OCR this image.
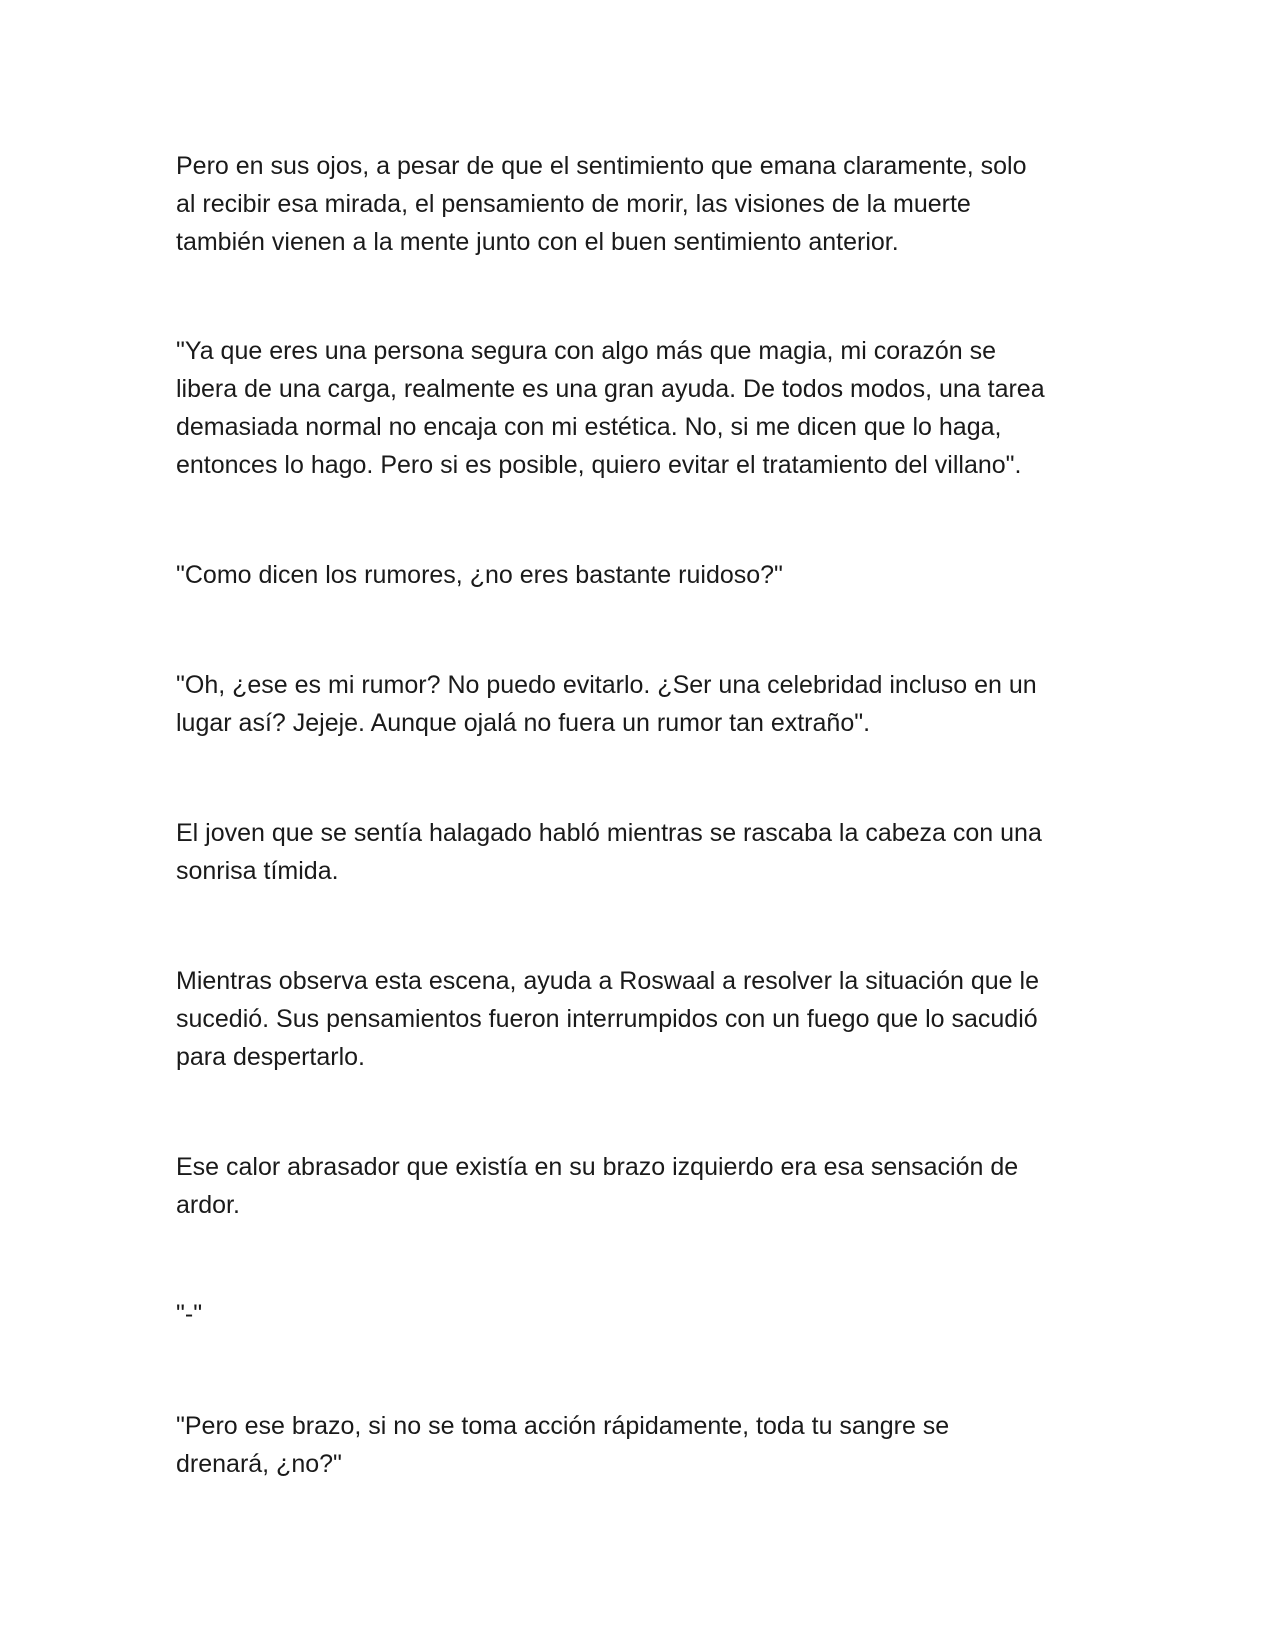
Pero en sus ojos, a pesar de que el sentimiento que emana claramente, solo
al recibir esa mirada, el pensamiento de morir, las visiones de la muerte
también vienen a la mente junto con el buen sentimiento anterior.

"Ya que eres una persona segura con algo más que magia, mi corazón se
libera de una carga, realmente es una gran ayuda. De todos modos, una tarea
demasiada normal no encaja con mi estética. No, si me dicen que lo haga,
entonces lo hago. Pero si es posible, quiero evitar el tratamiento del villano".

"Como dicen los rumores, ¿no eres bastante ruidoso?"

"Oh, ¿ese es mi rumor? No puedo evitarlo. ¿Ser una celebridad incluso en un
lugar así? Jejeje. Aunque ojalá no fuera un rumor tan extraño".

El joven que se sentía halagado habló mientras se rascaba la cabeza con una
sonrisa tímida.

Mientras observa esta escena, ayuda a Roswaal a resolver la situación que le
sucedió. Sus pensamientos fueron interrumpidos con un fuego que lo sacudió
para despertarlo.

Ese calor abrasador que existía en su brazo izquierdo era esa sensación de
ardor.

"-"

"Pero ese brazo, si no se toma acción rápidamente, toda tu sangre se
drenará, ¿no?"
